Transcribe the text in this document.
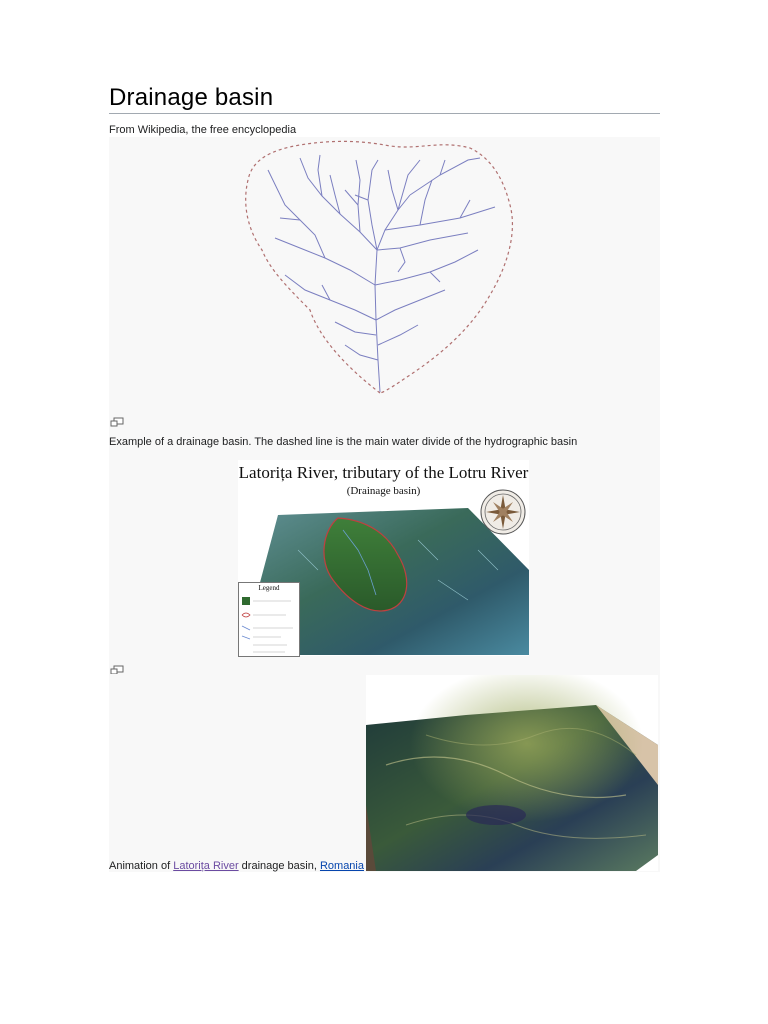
Drainage basin
From Wikipedia, the free encyclopedia
Example of a drainage basin. The dashed line is the main water divide of the hydrographic basin
Latorița River, tributary of the Lotru River
(Drainage basin)
Legend
Animation of Latorița River drainage basin, Romania
